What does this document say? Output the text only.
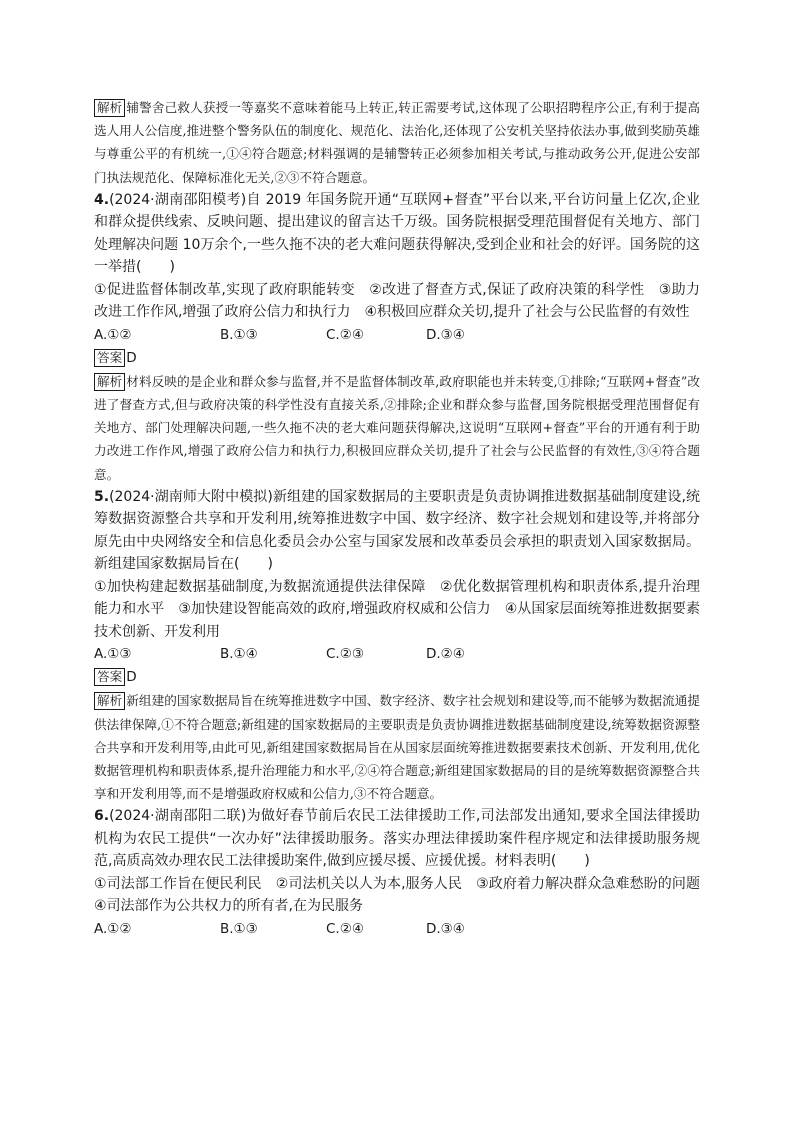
解析 辅警舍己救人获授一等嘉奖不意味着能马上转正,转正需要考试,这体现了公职招聘程序公正,有利于提高选人用人公信度,推进整个警务队伍的制度化、规范化、法治化,还体现了公安机关坚持依法办事,做到奖励英雄与尊重公平的有机统一,①④符合题意;材料强调的是辅警转正必须参加相关考试,与推动政务公开,促进公安部门执法规范化、保障标准化无关,②③不符合题意。

4.(2024·湖南邵阳模考)自 2019 年国务院开通“互联网+督查”平台以来,平台访问量上亿次,企业和群众提供线索、反映问题、提出建议的留言达千万级。国务院根据受理范围督促有关地方、部门处理解决问题 10万余个,一些久拖不决的老大难问题获得解决,受到企业和社会的好评。国务院的这一举措(　　)

①促进监督体制改革,实现了政府职能转变　②改进了督查方式,保证了政府决策的科学性　③助力改进工作作风,增强了政府公信力和执行力　④积极回应群众关切,提升了社会与公民监督的有效性

A.①②	B.①③	C.②④	D.③④

答案 D

解析 材料反映的是企业和群众参与监督,并不是监督体制改革,政府职能也并未转变,①排除;“互联网+督查”改进了督查方式,但与政府决策的科学性没有直接关系,②排除;企业和群众参与监督,国务院根据受理范围督促有关地方、部门处理解决问题,一些久拖不决的老大难问题获得解决,这说明“互联网+督查”平台的开通有利于助力改进工作作风,增强了政府公信力和执行力,积极回应群众关切,提升了社会与公民监督的有效性,③④符合题意。

5.(2024·湖南师大附中模拟)新组建的国家数据局的主要职责是负责协调推进数据基础制度建设,统筹数据资源整合共享和开发利用,统筹推进数字中国、数字经济、数字社会规划和建设等,并将部分原先由中央网络安全和信息化委员会办公室与国家发展和改革委员会承担的职责划入国家数据局。新组建国家数据局旨在(　　)

①加快构建起数据基础制度,为数据流通提供法律保障　②优化数据管理机构和职责体系,提升治理能力和水平　③加快建设智能高效的政府,增强政府权威和公信力　④从国家层面统筹推进数据要素技术创新、开发利用

A.①③	B.①④	C.②③	D.②④

答案 D

解析 新组建的国家数据局旨在统筹推进数字中国、数字经济、数字社会规划和建设等,而不能够为数据流通提供法律保障,①不符合题意;新组建的国家数据局的主要职责是负责协调推进数据基础制度建设,统筹数据资源整合共享和开发利用等,由此可见,新组建国家数据局旨在从国家层面统筹推进数据要素技术创新、开发利用,优化数据管理机构和职责体系,提升治理能力和水平,②④符合题意;新组建国家数据局的目的是统筹数据资源整合共享和开发利用等,而不是增强政府权威和公信力,③不符合题意。

6.(2024·湖南邵阳二联)为做好春节前后农民工法律援助工作,司法部发出通知,要求全国法律援助机构为农民工提供“一次办好”法律援助服务。落实办理法律援助案件程序规定和法律援助服务规范,高质高效办理农民工法律援助案件,做到应援尽援、应援优援。材料表明(　　)

①司法部工作旨在便民利民　②司法机关以人为本,服务人民　③政府着力解决群众急难愁盼的问题　④司法部作为公共权力的所有者,在为民服务

A.①②	B.①③	C.②④	D.③④
